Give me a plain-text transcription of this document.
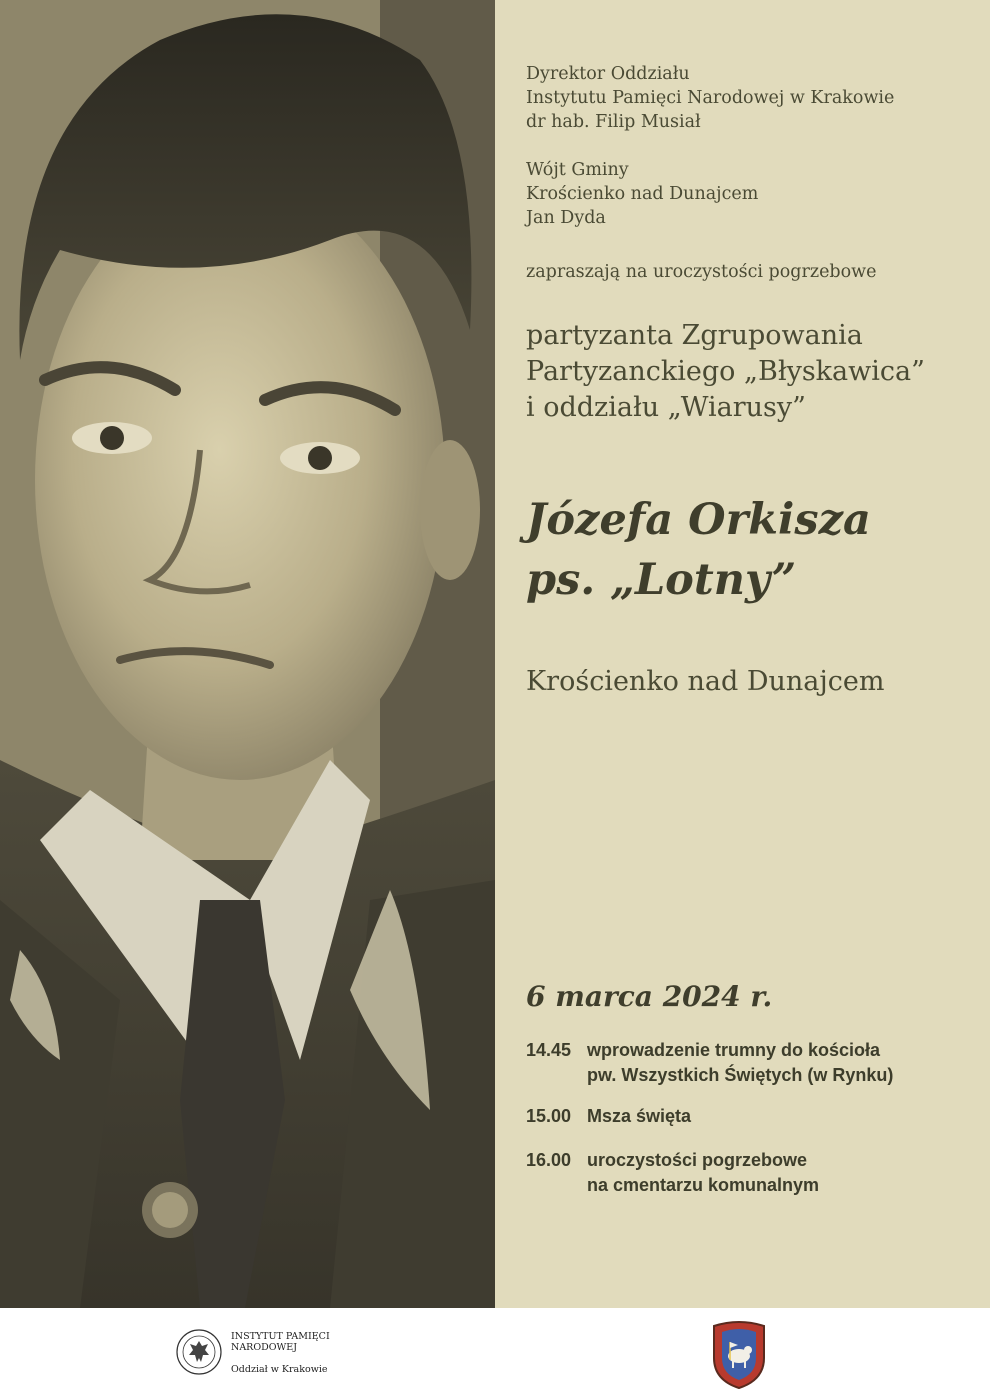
Dyrektor Oddziału
Instytutu Pamięci Narodowej w Krakowie
dr hab. Filip Musiał
Wójt Gminy
Krościenko nad Dunajcem
Jan Dyda
zapraszają na uroczystości pogrzebowe
partyzanta Zgrupowania
Partyzanckiego „Błyskawica”
i oddziału „Wiarusy”
Józefa Orkisza
ps. „Lotny”
Krościenko nad Dunajcem
6 marca 2024 r.
14.45 wprowadzenie trumny do kościoła
pw. Wszystkich Świętych (w Rynku)
15.00 Msza święta
16.00 uroczystości pogrzebowe
na cmentarzu komunalnym
INSTYTUT PAMIĘCI
NARODOWEJ
Oddział w Krakowie
